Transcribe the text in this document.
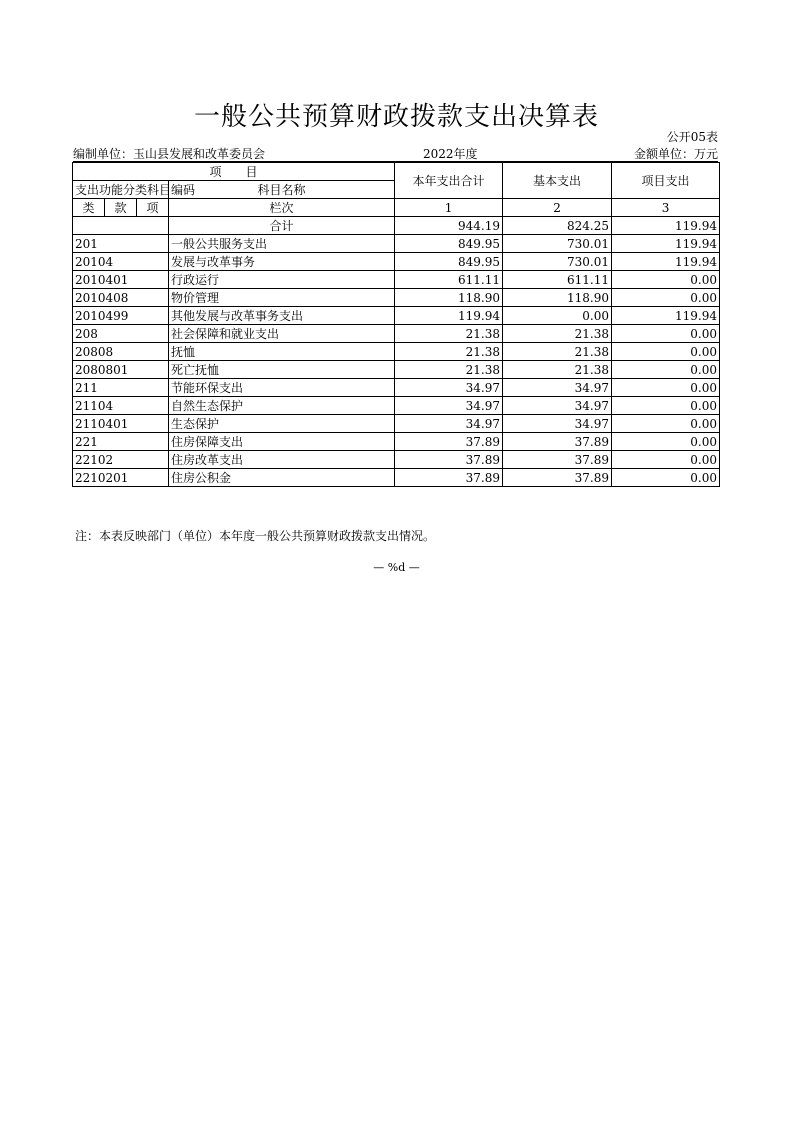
一般公共预算财政拨款支出决算表
公开05表
编制单位：玉山县发展和改革委员会	2022年度	金额单位：万元
项　　目				本年支出合计	基本支出	项目支出
支出功能分类科目编码			科目名称			
类	款	项				
			栏次	1	2	3
			合计	944.19	824.25	119.94
201			一般公共服务支出	849.95	730.01	119.94
20104			发展与改革事务	849.95	730.01	119.94
2010401			行政运行	611.11	611.11	0.00
2010408			物价管理	118.90	118.90	0.00
2010499			其他发展与改革事务支出	119.94	0.00	119.94
208			社会保障和就业支出	21.38	21.38	0.00
20808			抚恤	21.38	21.38	0.00
2080801			死亡抚恤	21.38	21.38	0.00
211			节能环保支出	34.97	34.97	0.00
21104			自然生态保护	34.97	34.97	0.00
2110401			生态保护	34.97	34.97	0.00
221			住房保障支出	37.89	37.89	0.00
22102			住房改革支出	37.89	37.89	0.00
2210201			住房公积金	37.89	37.89	0.00
注：本表反映部门（单位）本年度一般公共预算财政拨款支出情况。
— %d —
